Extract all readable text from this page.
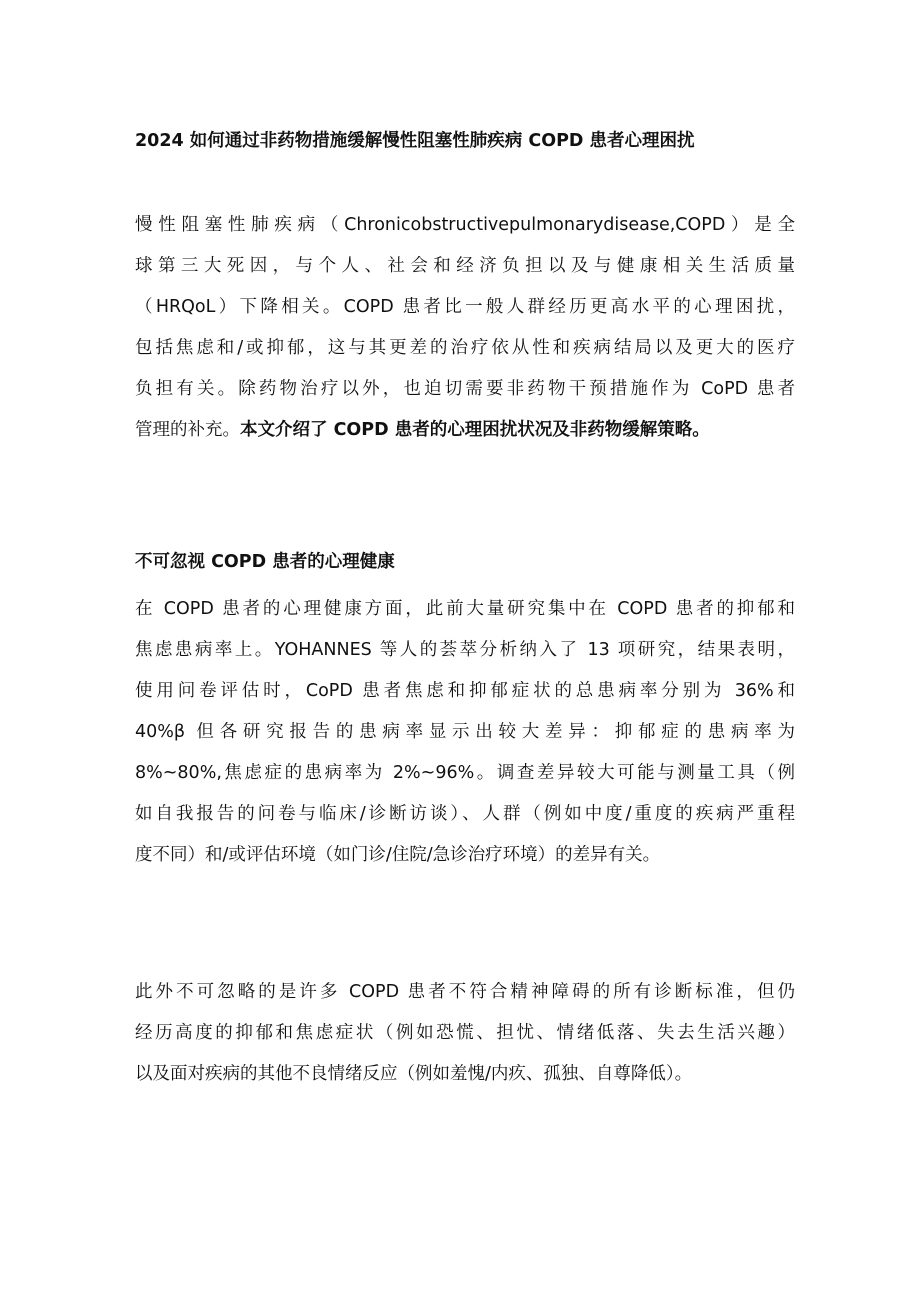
2024 如何通过非药物措施缓解慢性阻塞性肺疾病 COPD 患者心理困扰
慢性阻塞性肺疾病（Chronicobstructivepulmonarydisease,COPD）是全
球第三大死因，与个人、社会和经济负担以及与健康相关生活质量
（HRQoL）下降相关。COPD 患者比一般人群经历更高水平的心理困扰，
包括焦虑和/或抑郁，这与其更差的治疗依从性和疾病结局以及更大的医疗
负担有关。除药物治疗以外，也迫切需要非药物干预措施作为 CoPD 患者
管理的补充。本文介绍了 COPD 患者的心理困扰状况及非药物缓解策略。
不可忽视 COPD 患者的心理健康
在 COPD 患者的心理健康方面，此前大量研究集中在 COPD 患者的抑郁和
焦虑患病率上。YOHANNES 等人的荟萃分析纳入了 13 项研究，结果表明，
使用问卷评估时，CoPD 患者焦虑和抑郁症状的总患病率分别为 36%和
40%β 但各研究报告的患病率显示出较大差异：抑郁症的患病率为
8%~80%,焦虑症的患病率为 2%~96%。调查差异较大可能与测量工具（例
如自我报告的问卷与临床/诊断访谈）、人群（例如中度/重度的疾病严重程
度不同）和/或评估环境（如门诊/住院/急诊治疗环境）的差异有关。
此外不可忽略的是许多 COPD 患者不符合精神障碍的所有诊断标准，但仍
经历高度的抑郁和焦虑症状（例如恐慌、担忧、情绪低落、失去生活兴趣）
以及面对疾病的其他不良情绪反应（例如羞愧/内疚、孤独、自尊降低）。
